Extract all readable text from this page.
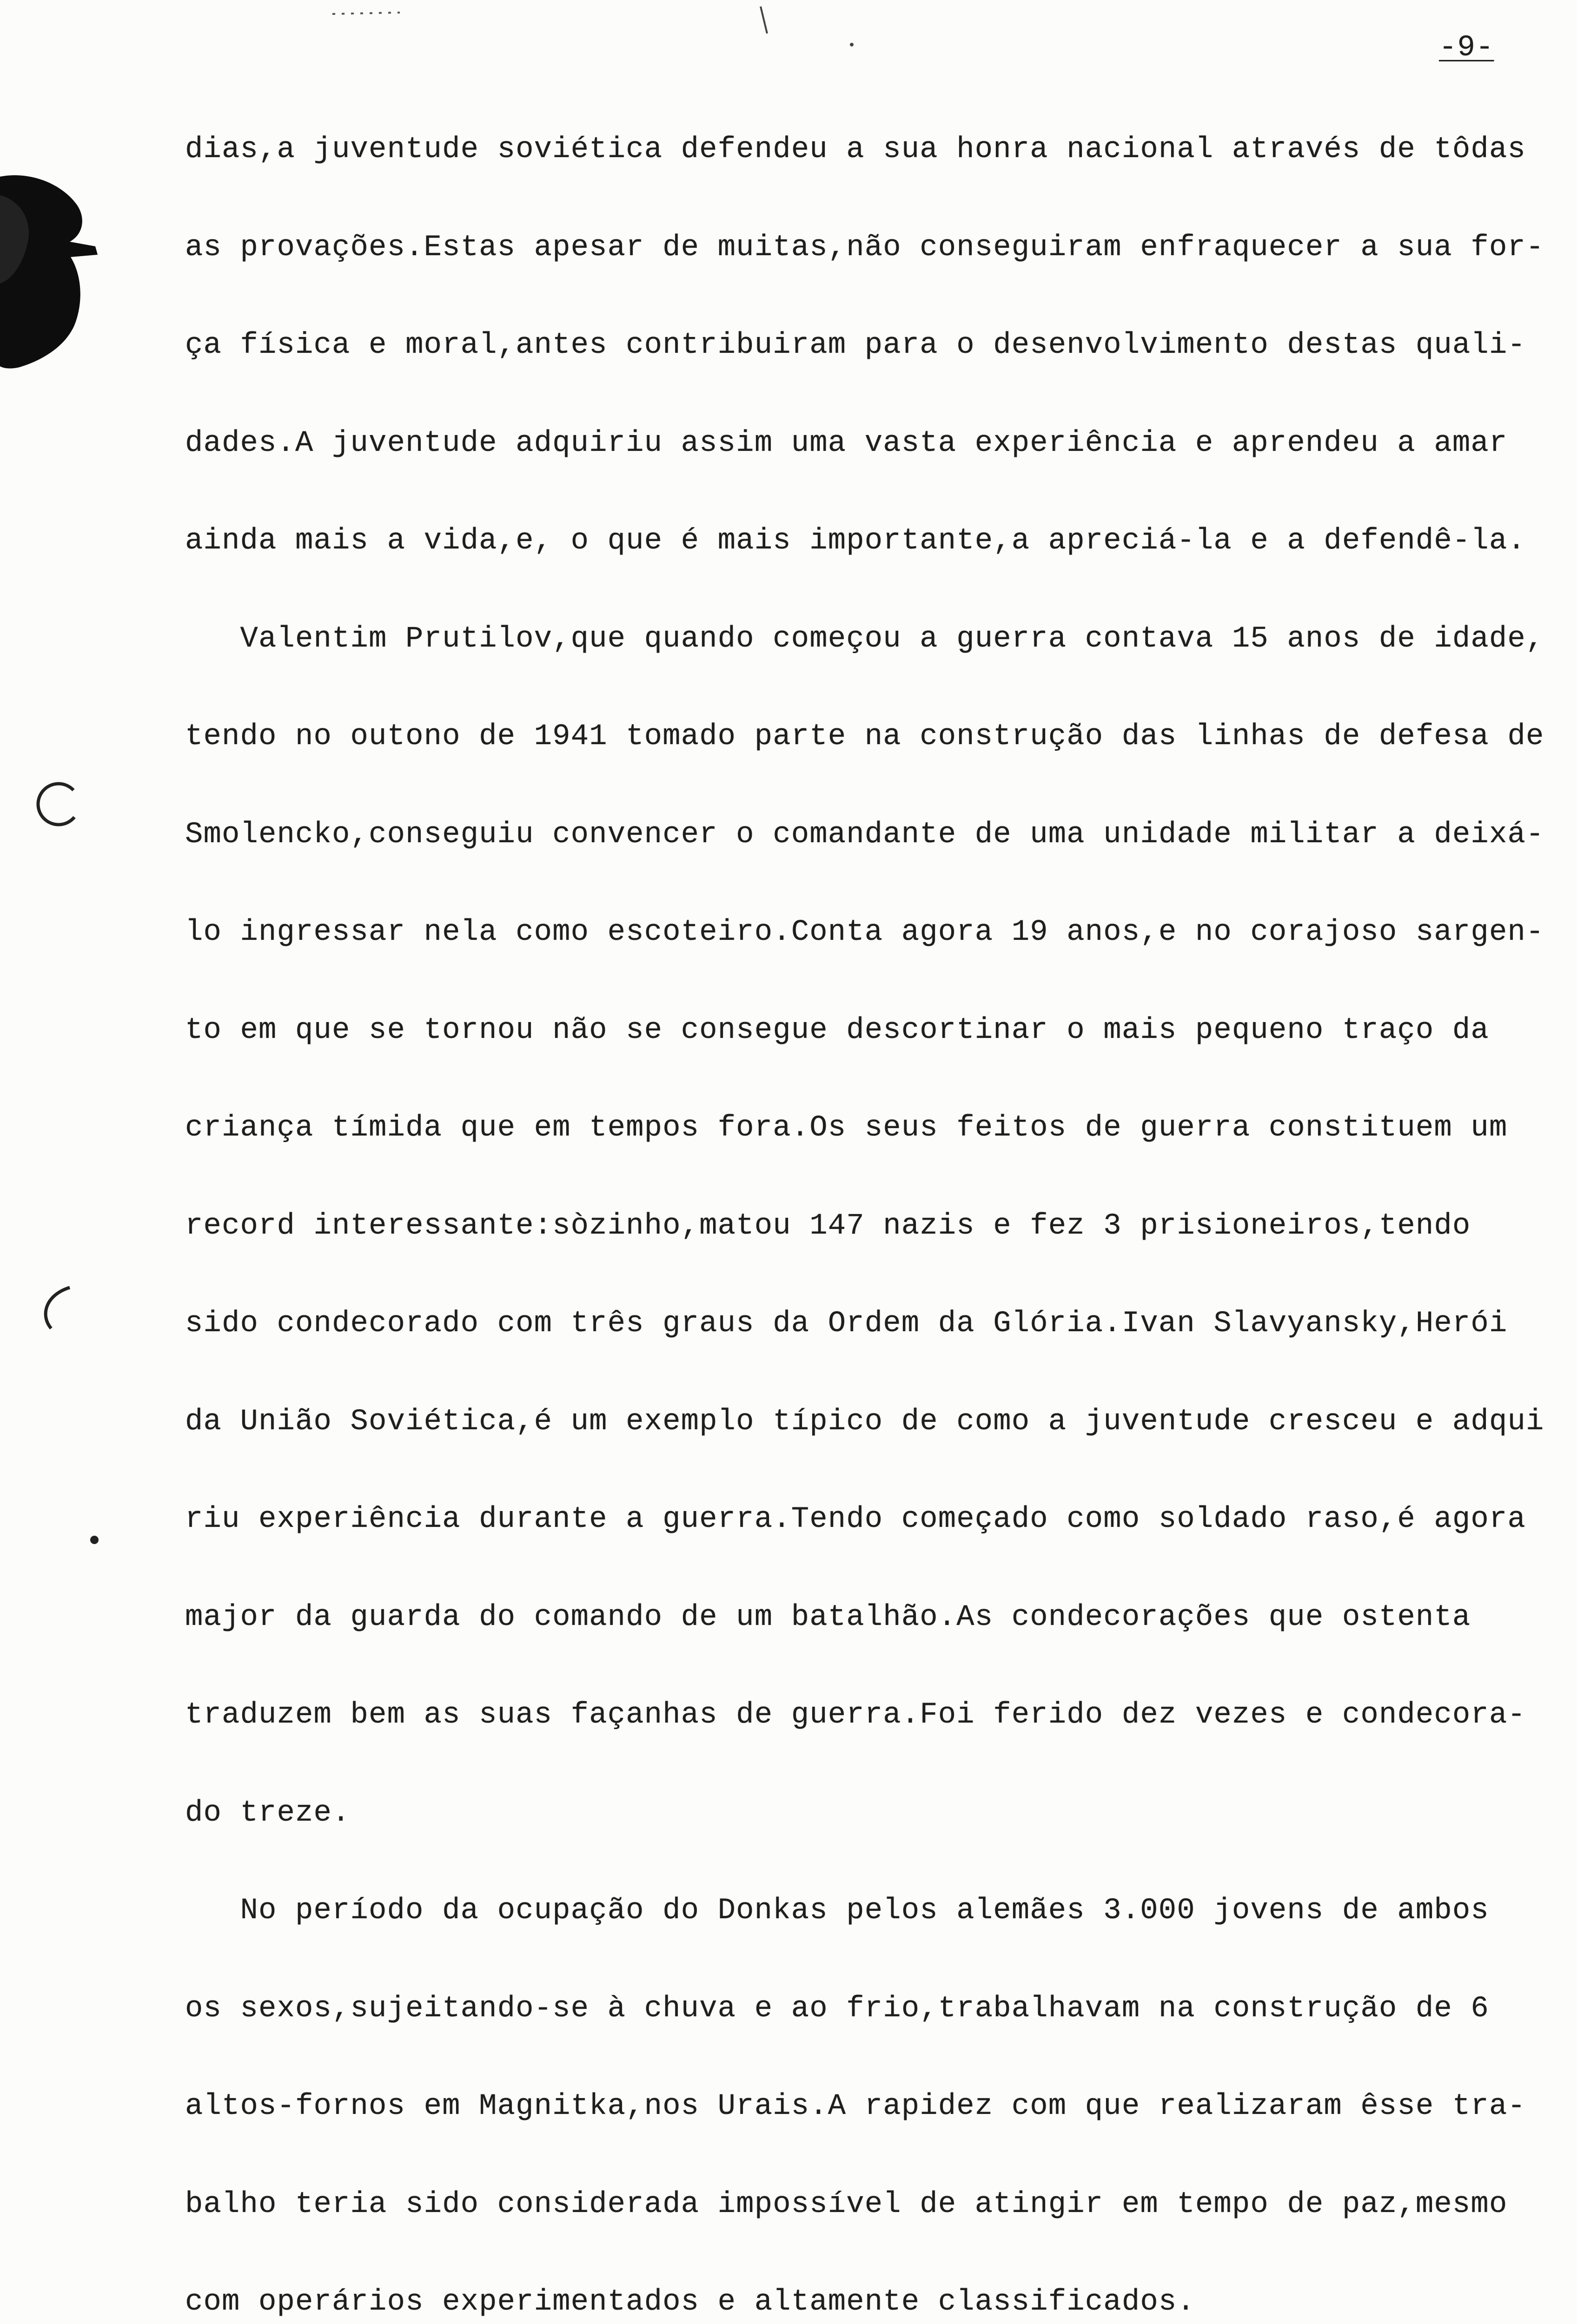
-9-

dias,a juventude soviética defendeu a sua honra nacional através de tôdas

as provações.Estas apesar de muitas,não conseguiram enfraquecer a sua for-

ça física e moral,antes contribuiram para o desenvolvimento destas quali-

dades.A juventude adquiriu assim uma vasta experiência e aprendeu a amar

ainda mais a vida,e, o que é mais importante,a apreciá-la e a defendê-la.

Valentim Prutilov,que quando começou a guerra contava 15 anos de idade,

tendo no outono de 1941 tomado parte na construção das linhas de defesa de

Smolencko,conseguiu convencer o comandante de uma unidade militar a deixá-

lo ingressar nela como escoteiro.Conta agora 19 anos,e no corajoso sargen-

to em que se tornou não se consegue descortinar o mais pequeno traço da

criança tímida que em tempos fora.Os seus feitos de guerra constituem um

record interessante:sòzinho,matou 147 nazis e fez 3 prisioneiros,tendo

sido condecorado com três graus da Ordem da Glória.Ivan Slavyansky,Herói

da União Soviética,é um exemplo típico de como a juventude cresceu e adqui

riu experiência durante a guerra.Tendo começado como soldado raso,é agora

major da guarda do comando de um batalhão.As condecorações que ostenta

traduzem bem as suas façanhas de guerra.Foi ferido dez vezes e condecora-

do treze.

No período da ocupação do Donkas pelos alemães 3.000 jovens de ambos

os sexos,sujeitando-se à chuva e ao frio,trabalhavam na construção de 6

altos-fornos em Magnitka,nos Urais.A rapidez com que realizaram êsse tra-

balho teria sido considerada impossível de atingir em tempo de paz,mesmo

com operários experimentados e altamente classificados.
